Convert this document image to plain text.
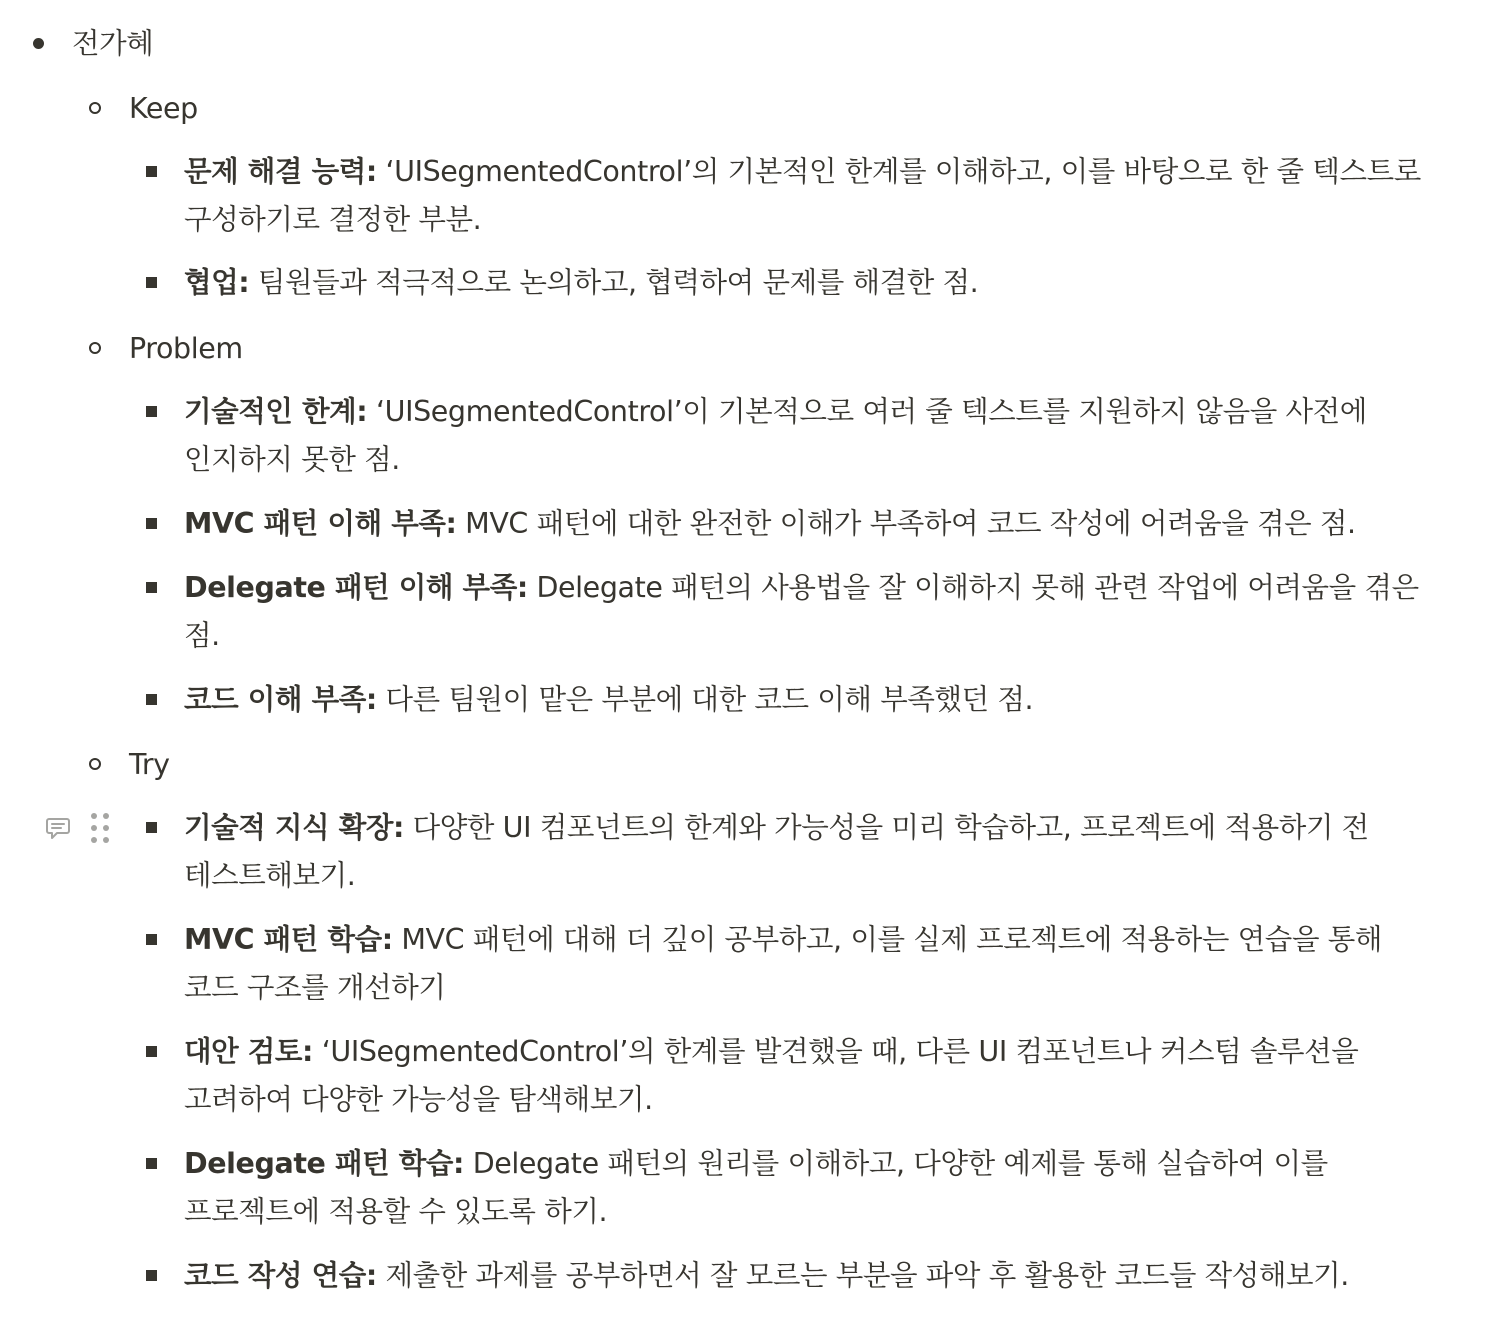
전가혜
Keep
문제 해결 능력: ‘UISegmentedControl’의 기본적인 한계를 이해하고, 이를 바탕으로 한 줄 텍스트로 구성하기로 결정한 부분.
협업: 팀원들과 적극적으로 논의하고, 협력하여 문제를 해결한 점.
Problem
기술적인 한계: ‘UISegmentedControl’이 기본적으로 여러 줄 텍스트를 지원하지 않음을 사전에 인지하지 못한 점.
MVC 패턴 이해 부족: MVC 패턴에 대한 완전한 이해가 부족하여 코드 작성에 어려움을 겪은 점.
Delegate 패턴 이해 부족: Delegate 패턴의 사용법을 잘 이해하지 못해 관련 작업에 어려움을 겪은 점.
코드 이해 부족: 다른 팀원이 맡은 부분에 대한 코드 이해 부족했던 점.
Try
기술적 지식 확장: 다양한 UI 컴포넌트의 한계와 가능성을 미리 학습하고, 프로젝트에 적용하기 전 테스트해보기.
MVC 패턴 학습: MVC 패턴에 대해 더 깊이 공부하고, 이를 실제 프로젝트에 적용하는 연습을 통해 코드 구조를 개선하기
대안 검토: ‘UISegmentedControl’의 한계를 발견했을 때, 다른 UI 컴포넌트나 커스텀 솔루션을 고려하여 다양한 가능성을 탐색해보기.
Delegate 패턴 학습: Delegate 패턴의 원리를 이해하고, 다양한 예제를 통해 실습하여 이를 프로젝트에 적용할 수 있도록 하기.
코드 작성 연습: 제출한 과제를 공부하면서 잘 모르는 부분을 파악 후 활용한 코드들 작성해보기.
